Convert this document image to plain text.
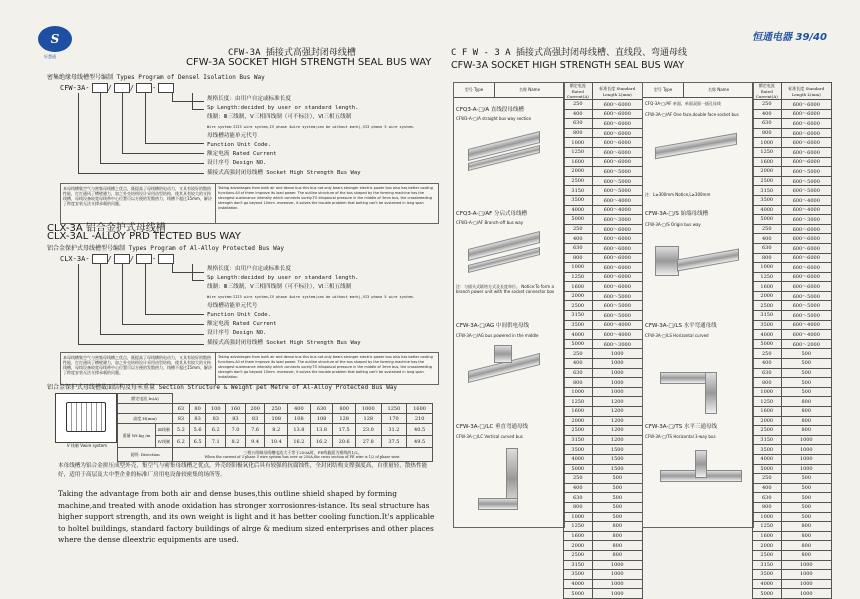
S
好慧通
恒通电器 39/40
CFW-3A 插接式高强封闭母线槽
CFW-3A SOCKET HIGH STRENGTH SEAL BUS WAY
密集绝缘母线槽型号编制 Types Program of Densel Isolation Bus Way
CFW-3A-	/	/	-
规格长度：由用户自定或标准长度
Sp Length:decided by user or standard length.
线制：Ⅲ三线制，Ⅴ三相四线制（可不标注），Ⅵ三相五线制
Wire system:III3 wire system,IV phase 4wire system(can be without mark),VI3 phase 5 wire system.
母线槽功能单元代号
Function Unit Code.
额定电流 Rated Current
设计序号 Design NO.
插接式高强封闭母线槽 Socket High Strength Bus Way
本母线槽集空气与密集母线槽之优点，既提高了母线槽的电动力，又具有较好的散热性能，打打通风了槽壁避力，加之外壳结构设计采用齿型结构，使其具有较大的支持线槽，母线设备较宽母线带中心位置可以方便的发散热力，线槽不超过15mm，解决了跨度安装无法支撑承载的问题。
Taking advantages from both air and dense bus this bus not only bears stronger electric power bus also has better cooling functions.All of them improve its load power. The outline structure of the bus shaped by the forming machine has the strongest sustenance intensity which connects surely.TO kilopascal pressure in the middle of 3mm bus, the crossbreeding strength don't go beyond 10mm. moreover, it solves the trouble problem that bolting can't be sustained in long span installation.
CLX-3A 铝合金护式母线槽
CLX-3AL -ALLOY PRD TECTED BUS WAY
铝合金保护式母线槽型号编制 Types Program of Al-Alloy Protected Bus Way
CLX-3A-	/	/	-
规格长度：由用户自定或标准长度
Sp Length:decided by user or standard length.
线制：Ⅲ三线制，Ⅴ三相四线制（可不标注），Ⅵ三相五线制
Wire system:III3 wire system,IV phase 4wire system(can be without mark),VI3 phase 5 wire system.
母线槽功能单元代号
Function Unit Code.
额定电流 Rated Current
设计序号 Design NO.
插接式高强封闭母线槽 Socket High Strength Bus Way
本母线槽集空气与密集母线槽之优点，既提高了母线槽的电动力，又具有较好的散热性能，打打通风了槽壁避力，加之外壳结构设计采用齿型结构，使其具有较大的支持线槽，母线设备较宽母线带中心位置可以方便的发散热力，线槽不超过15mm，解决了跨度安装无法支撑承载的问题。
Taking advantages from both air and dense bus this bus not only bears stronger electric power bus also has better cooling functions.All of them improve its load power. The outline structure of the bus shaped by the forming machine has the strongest sustenance intensity which connects surely.TO kilopascal pressure in the middle of 3mm bus, the crossbreeding strength don't go beyond 10mm. moreover, it solves the trouble problem that bolting can't be sustained in long span installation.
铝合金保护式母线槽截面结构及每米重量 Section Structure & Weight pet Metre of Al-Alloy Protected Bus Way
V 线制 Vwire system
额定电流 In(A)													
		63	80	100	160	200	250	400	630	800	1000	1250	1600
高度 H(mm)		83	83	83	83	83	108	108	108	128	128	170	210
重量 Wt.kg /m	Ⅲ线制	5.2	5.6	6.2	7.0	7.6	8.2	13.8	13.8	17.5	23.0	31.2	40.5
	Ⅳ线制	6.2	6.5	7.1	8.2	9.4	10.4	16.2	16.2	20.6	27.8	37.5	49.5
说明: Direction		三相五线制母线槽电流大于等于250A时，PE线截面为相线的1/2。
When the current of 3 phase 5 wire system bus over or 250A,the cross section of PE wire is 1/2 of phase wire.											
本母线槽为铝合金拼压成型外壳，集空气与密集母线槽之优点，外壳经阳极氧化后具有较强的抗腐蚀性，全封闭结构支撑强度高，自重量轻，散热性能好，适用于高层及大中型企业的标准厂房用电设备较密集的场所等。
Taking the advantage from both air and dense buses,this outline shield shaped by forming machine,and treated with anode oxidation has stronger xorrosionres-istance. Its seal structure has higher support strength, and its own weight is light and it has better cooling function.It's applicable to holtel buildings, standard factory buildings of alrge & medium sized enterprises and other places where the dense dleextric equipments are used.
C F W - 3 A 插接式高强封闭母线槽、直线段、弯通母线
CFW-3A SOCKET HIGH STRENGTH SEAL BUS WAY
型号 Type	名称 Name
额定电流 Rated Current(A)	标准长度 Standard Length L(mm)
250	600～6000
400	600～6000
630	600～6000
800	600～6000
1000	600～6000
1250	600～6000
1600	600～6000
2000	600～5000
2500	600～5000
3150	600～5000
3500	600～4000
4000	600～4000
5000	600～3000
250	600～6000
400	600～6000
630	600～6000
800	600～6000
1000	600～6000
1250	600～6000
1600	600～6000
2000	600～5000
2500	600～5000
3150	600～5000
3500	600～4000
4000	600～4000
5000	600～3000
250	1000
400	1000
630	1000
800	1000
1000	1000
1250	1200
1600	1200
2000	1200
2500	1200
3150	1200
3500	1500
4000	1500
5000	1500
250	500
400	500
630	500
800	500
1000	500
1250	800
1600	800
2000	800
2500	800
3150	1000
3500	1000
4000	1000
5000	1000
型号 Type	名称 Name
额定电流 Rated Current(A)	标准长度 Standard Length L(mm)
250	600～6000
400	600～6000
630	600～6000
800	600～6000
1000	600～6000
1250	600～6000
1600	600～6000
2000	600～5000
2500	600～5000
3150	600～5000
3500	600～4000
4000	600～4000
5000	600～3000
250	600～6000
400	600～6000
630	600～6000
800	600～6000
1000	600～6000
1250	600～6000
1600	600～6000
2000	600～5000
2500	600～5000
3150	600～5000
3500	600～4000
4000	600～4000
5000	600～2000
250	500
400	500
630	500
800	500
1000	500
1250	800
1600	800
2000	800
2500	800
3150	1000
3500	1000
4000	1000
5000	1000
250	500
400	500
630	500
800	500
1000	500
1250	800
1600	800
2000	800
2500	800
3150	1000
3500	1000
4000	1000
5000	1000
CFQ3-A-□/A 直线段母线槽
CFW3-A-□/A straight bus way section
CFQ3-A-□/AF 分启式母线槽
CFW3-A-□/AF Branch-off bus way
注：与插头式联络方式及长度单位。 Notice:To form a branch power unit with the socket connector box
CFW-3A-□/AG 中间供电母线
CFW-3A-□/AG bus powered in the middle
CFW-3A-□/LC 垂直弯通母线
CFW-3A-□/LC Vertical curved bus
CFQ-3A-□/AF 单面、单面双面一插孔母线
CFW-3A-□/AF One face,double face socket bus
注：L≥300mm Notice,L≥300mm
CFW-3A-□/S 始端母线槽
CFW-3A-□/S Origin bus way
CFW-3A-□/LS 水平弯通母线
CFW-3A-□/LS Horizontal curved
CFW-3A-□/TS 水平三通母线
CFW-3A-□/TS Horizontal 3-way bus
